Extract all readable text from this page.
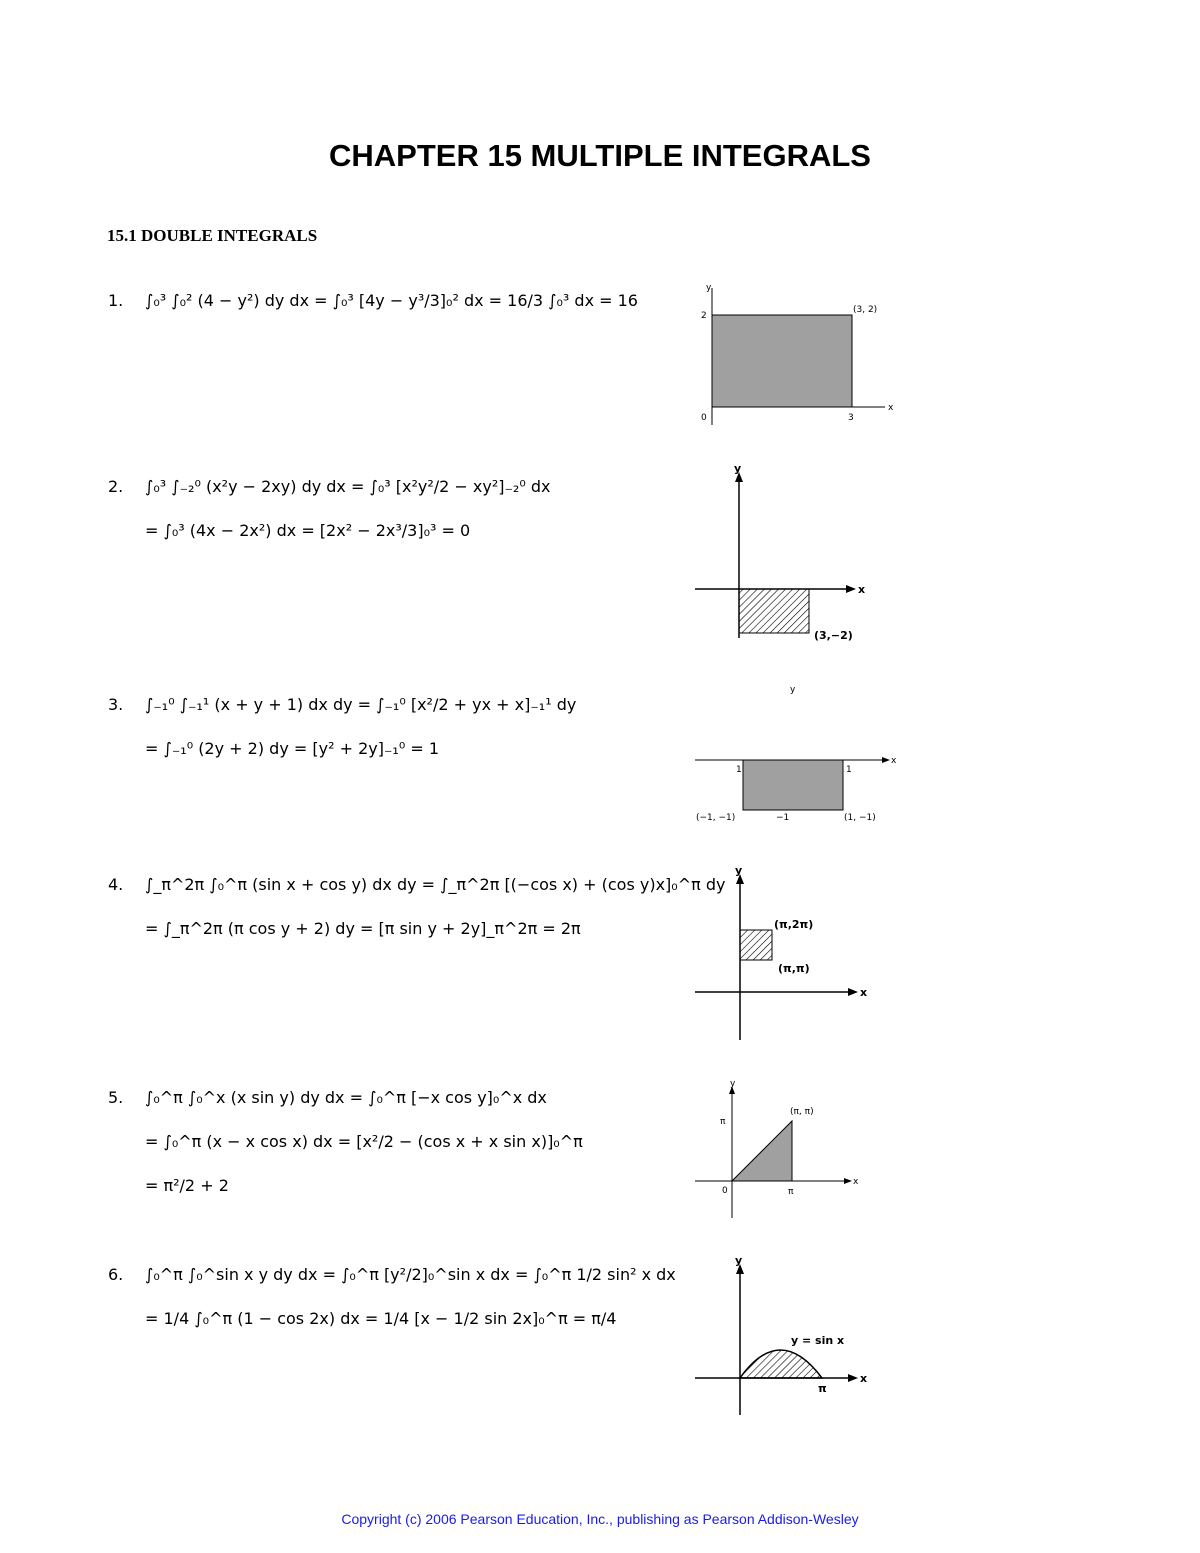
CHAPTER 15 MULTIPLE INTEGRALS
15.1 DOUBLE INTEGRALS
1.	∫₀³ ∫₀² (4 − y²) dy dx = ∫₀³ [4y − y³/3]₀² dx = 16/3 ∫₀³ dx = 16
2.	∫₀³ ∫₋₂⁰ (x²y − 2xy) dy dx = ∫₀³ [x²y²/2 − xy²]₋₂⁰ dx
= ∫₀³ (4x − 2x²) dx = [2x² − 2x³/3]₀³ = 0
3.	∫₋₁⁰ ∫₋₁¹ (x + y + 1) dx dy = ∫₋₁⁰ [x²/2 + yx + x]₋₁¹ dy
= ∫₋₁⁰ (2y + 2) dy = [y² + 2y]₋₁⁰ = 1
4.	∫_π^2π ∫₀^π (sin x + cos y) dx dy = ∫_π^2π [(−cos x) + (cos y)x]₀^π dy
= ∫_π^2π (π cos y + 2) dy = [π sin y + 2y]_π^2π = 2π
5.	∫₀^π ∫₀^x (x sin y) dy dx = ∫₀^π [−x cos y]₀^x dx
= ∫₀^π (x − x cos x) dx = [x²/2 − (cos x + x sin x)]₀^π
= π²/2 + 2
6.	∫₀^π ∫₀^sin x y dy dx = ∫₀^π [y²/2]₀^sin x dx = ∫₀^π 1/2 sin² x dx
= 1/4 ∫₀^π (1 − cos 2x) dx = 1/4 [x − 1/2 sin 2x]₀^π = π/4
y
x
2
0	3
(3, 2)
y
x
(3,−2)
y
x
1	1
(−1, −1)	−1	(1, −1)
y
x
(π,2π)
(π,π)
y
x
π
0	π
(π, π)
y
x
y = sin x
π
Copyright (c) 2006 Pearson Education, Inc., publishing as Pearson Addison-Wesley
